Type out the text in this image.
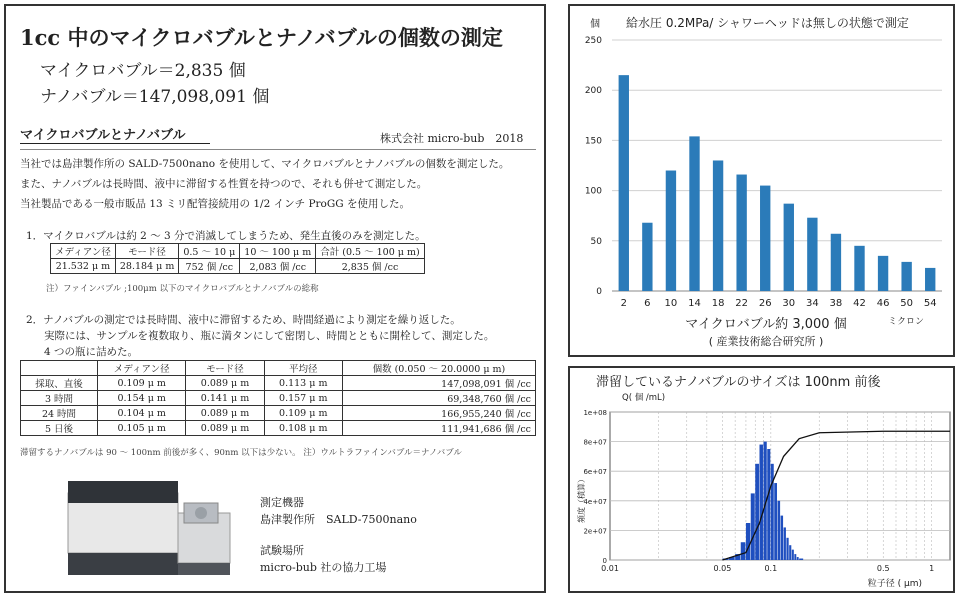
1cc 中のマイクロバブルとナノバブルの個数の測定
マイクロバブル＝2,835 個
ナノバブル＝147,098,091 個
マイクロバブルとナノバブル	株式会社 micro-bub　2018
当社では島津製作所の SALD-7500nano を使用して、マイクロバブルとナノバブルの個数を測定した。
また、ナノバブルは長時間、液中に滞留する性質を持つので、それも併せて測定した。
当社製品である一般市販品 13 ミリ配管接続用の 1/2 インチ ProGG を使用した。
1．マイクロバブルは約 2 ～ 3 分で消滅してしまうため、発生直後のみを測定した。
メディアン径	モード径	0.5 ～ 10 μ	10 ～ 100 μ m	合計 (0.5 ～ 100 μ m)
21.532 μ m	28.184 μ m	752 個 /cc	2,083 個 /cc	2,835 個 /cc
注）ファインバブル ;100μm 以下のマイクロバブルとナノバブルの総称
2．ナノバブルの測定では長時間、液中に滞留するため、時間経過により測定を繰り返した。
実際には、サンプルを複数取り、瓶に満タンにして密閉し、時間とともに開栓して、測定した。
4 つの瓶に詰めた。
	メディアン径	モード径	平均径	個数 (0.050 ～ 20.0000 μ m)
採取、直後	0.109 μ m	0.089 μ m	0.113 μ m	147,098,091 個 /cc
3 時間	0.154 μ m	0.141 μ m	0.157 μ m	69,348,760 個 /cc
24 時間	0.104 μ m	0.089 μ m	0.109 μ m	166,955,240 個 /cc
5 日後	0.105 μ m	0.089 μ m	0.108 μ m	111,941,686 個 /cc
滞留するナノバブルは 90 ～ 100nm 前後が多く、90nm 以下は少ない。 注）ウルトラファインバブル＝ナノバブル
測定機器
島津製作所　SALD-7500nano
試験場所
micro-bub 社の協力工場
給水圧 0.2MPa/ シャワーヘッドは無しの状態で測定
個
0
50
100
150
200
250
2 6 10 14 18 22 26 30 34 38 42 46 50 54
ミクロン
マイクロバブル約 3,000 個
( 産業技術総合研究所 )
滞留しているナノバブルのサイズは 100nm 前後
Q( 個 /mL)
頻度（積算）
0
2e+07
4e+07
6e+07
8e+07
1e+08
0.01	0.05	0.1	0.5	1
粒子径 ( μm)
